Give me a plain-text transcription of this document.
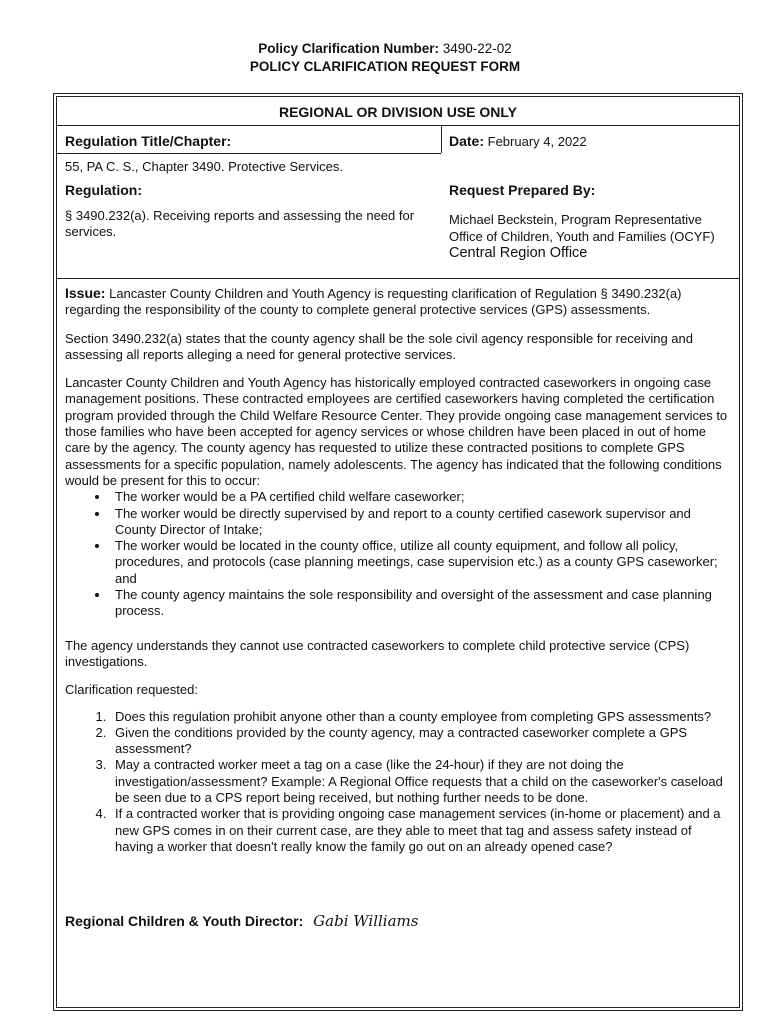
Policy Clarification Number: 3490-22-02
POLICY CLARIFICATION REQUEST FORM
REGIONAL OR DIVISION USE ONLY
Regulation Title/Chapter:
55, PA C. S., Chapter 3490. Protective Services.
Date: February 4, 2022
Regulation:
§ 3490.232(a). Receiving reports and assessing the need for services.
Request Prepared By:
Michael Beckstein, Program Representative
Office of Children, Youth and Families (OCYF)
Central Region Office

Issue: Lancaster County Children and Youth Agency is requesting clarification of Regulation § 3490.232(a) regarding the responsibility of the county to complete general protective services (GPS) assessments.

Section 3490.232(a) states that the county agency shall be the sole civil agency responsible for receiving and assessing all reports alleging a need for general protective services.

Lancaster County Children and Youth Agency has historically employed contracted caseworkers in ongoing case management positions. These contracted employees are certified caseworkers having completed the certification program provided through the Child Welfare Resource Center. They provide ongoing case management services to those families who have been accepted for agency services or whose children have been placed in out of home care by the agency. The county agency has requested to utilize these contracted positions to complete GPS assessments for a specific population, namely adolescents. The agency has indicated that the following conditions would be present for this to occur:

• The worker would be a PA certified child welfare caseworker;
• The worker would be directly supervised by and report to a county certified casework supervisor and County Director of Intake;
• The worker would be located in the county office, utilize all county equipment, and follow all policy, procedures, and protocols (case planning meetings, case supervision etc.) as a county GPS caseworker; and
• The county agency maintains the sole responsibility and oversight of the assessment and case planning process.

The agency understands they cannot use contracted caseworkers to complete child protective service (CPS) investigations.

Clarification requested:

1. Does this regulation prohibit anyone other than a county employee from completing GPS assessments?
2. Given the conditions provided by the county agency, may a contracted caseworker complete a GPS assessment?
3. May a contracted worker meet a tag on a case (like the 24-hour) if they are not doing the investigation/assessment? Example: A Regional Office requests that a child on the caseworker's caseload be seen due to a CPS report being received, but nothing further needs to be done.
4. If a contracted worker that is providing ongoing case management services (in-home or placement) and a new GPS comes in on their current case, are they able to meet that tag and assess safety instead of having a worker that doesn't really know the family go out on an already opened case?
Regional Children & Youth Director: Gabi Williams
